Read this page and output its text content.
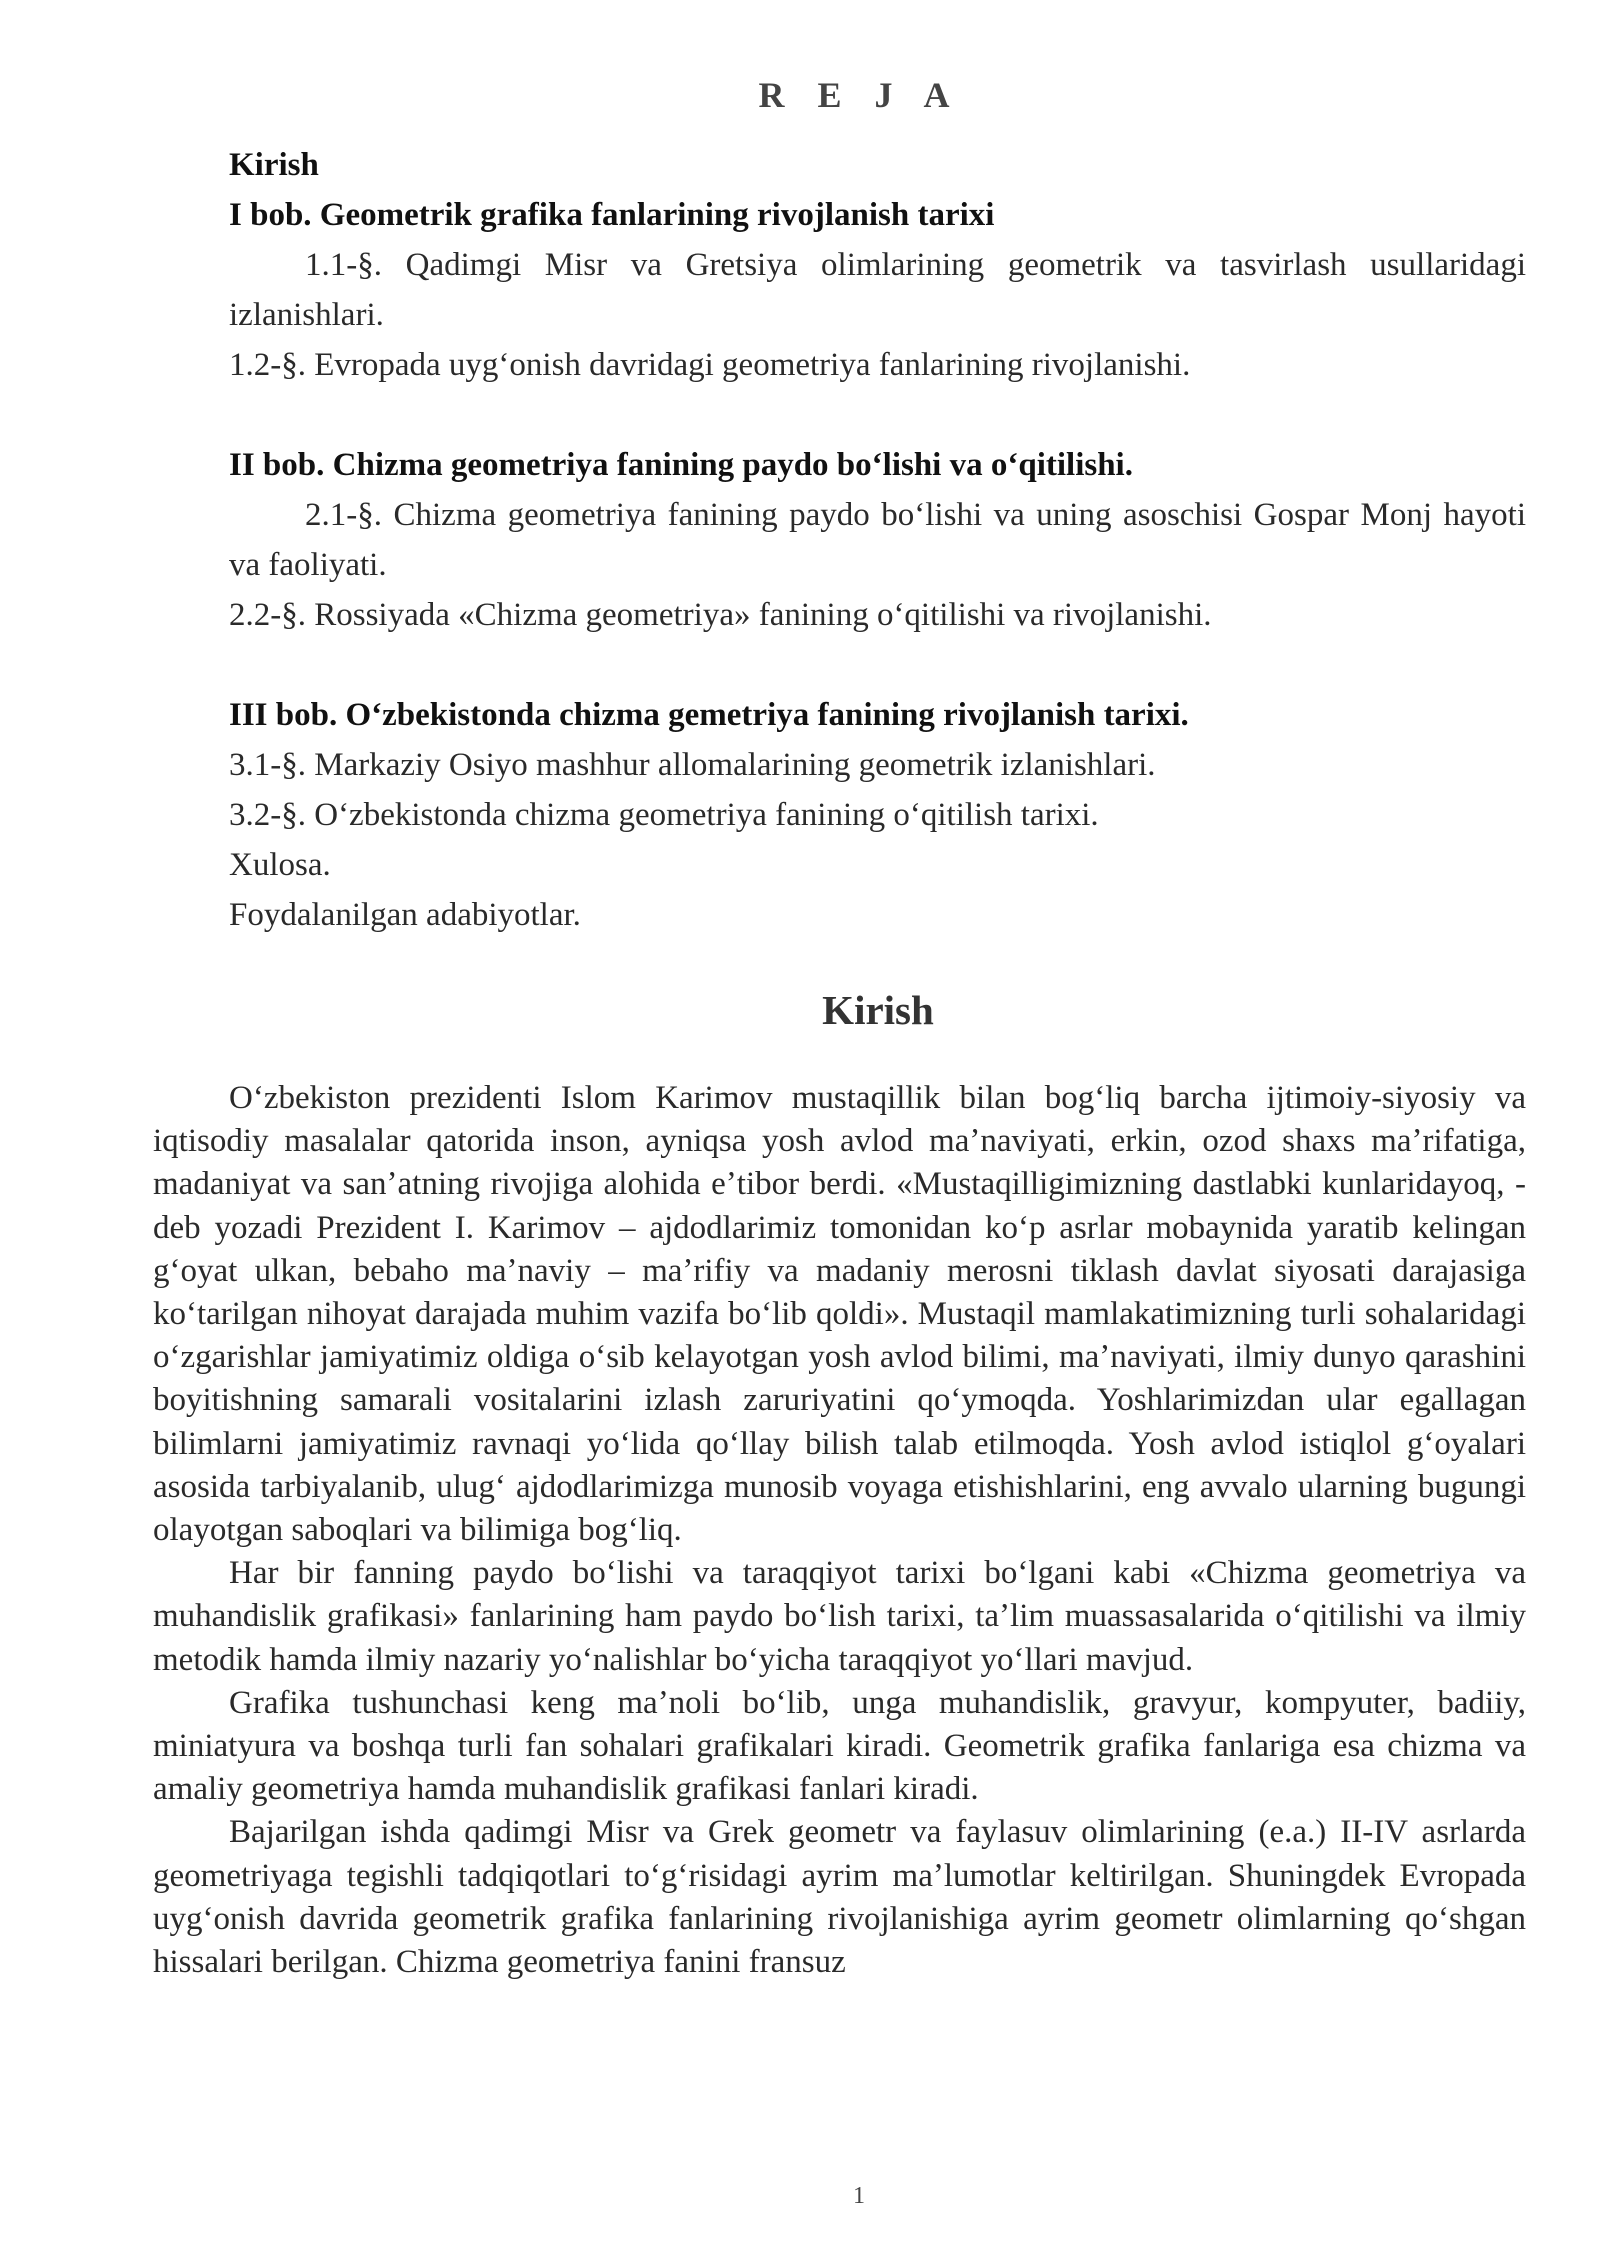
R E J A
Kirish
I bob. Geometrik grafika fanlarining rivojlanish tarixi
1.1-§. Qadimgi Misr va Gretsiya olimlarining geometrik va tasvirlash usullaridagi izlanishlari.
1.2-§. Evropada uygʻonish davridagi geometriya fanlarining rivojlanishi.
II bob. Chizma geometriya fanining paydo boʻlishi va oʻqitilishi.
2.1-§. Chizma geometriya fanining paydo boʻlishi va uning asoschisi Gospar Monj hayoti va faoliyati.
2.2-§. Rossiyada «Chizma geometriya» fanining oʻqitilishi va rivojlanishi.
III bob. Oʻzbekistonda chizma gemetriya fanining rivojlanish tarixi.
3.1-§. Markaziy Osiyo mashhur allomalarining geometrik izlanishlari.
3.2-§. Oʻzbekistonda chizma geometriya fanining oʻqitilish tarixi.
Xulosa.
Foydalanilgan adabiyotlar.
Kirish

Oʻzbekiston prezidenti Islom Karimov mustaqillik bilan bogʻliq barcha ijtimoiy-siyosiy va iqtisodiy masalalar qatorida inson, ayniqsa yosh avlod maʼnaviyati, erkin, ozod shaxs maʼrifatiga, madaniyat va sanʼatning rivojiga alohida eʼtibor berdi. «Mustaqilligimizning dastlabki kunlaridayoq, - deb yozadi Prezident I. Karimov – ajdodlarimiz tomonidan koʻp asrlar mobaynida yaratib kelingan gʻoyat ulkan, bebaho maʼnaviy – maʼrifiy va madaniy merosni tiklash davlat siyosati darajasiga koʻtarilgan nihoyat darajada muhim vazifa boʻlib qoldi». Mustaqil mamlakatimizning turli sohalaridagi oʻzgarishlar jamiyatimiz oldiga oʻsib kelayotgan yosh avlod bilimi, maʼnaviyati, ilmiy dunyo qarashini boyitishning samarali vositalarini izlash zaruriyatini qoʻymoqda. Yoshlarimizdan ular egallagan bilimlarni jamiyatimiz ravnaqi yoʻlida qoʻllay bilish talab etilmoqda. Yosh avlod istiqlol gʻoyalari asosida tarbiyalanib, ulugʻ ajdodlarimizga munosib voyaga etishishlarini, eng avvalo ularning bugungi olayotgan saboqlari va bilimiga bogʻliq.

Har bir fanning paydo boʻlishi va taraqqiyot tarixi boʻlgani kabi «Chizma geometriya va muhandislik grafikasi» fanlarining ham paydo boʻlish tarixi, taʼlim muassasalarida oʻqitilishi va ilmiy metodik hamda ilmiy nazariy yoʻnalishlar boʻyicha taraqqiyot yoʻllari mavjud.

Grafika tushunchasi keng maʼnoli boʻlib, unga muhandislik, gravyur, kompyuter, badiiy, miniatyura va boshqa turli fan sohalari grafikalari kiradi. Geometrik grafika fanlariga esa chizma va amaliy geometriya hamda muhandislik grafikasi fanlari kiradi.

Bajarilgan ishda qadimgi Misr va Grek geometr va faylasuv olimlarining (e.a.) II-IV asrlarda geometriyaga tegishli tadqiqotlari toʻgʻrisidagi ayrim maʼlumotlar keltirilgan. Shuningdek Evropada uygʻonish davrida geometrik grafika fanlarining rivojlanishiga ayrim geometr olimlarning qoʻshgan hissalari berilgan. Chizma geometriya fanini fransuz

1
